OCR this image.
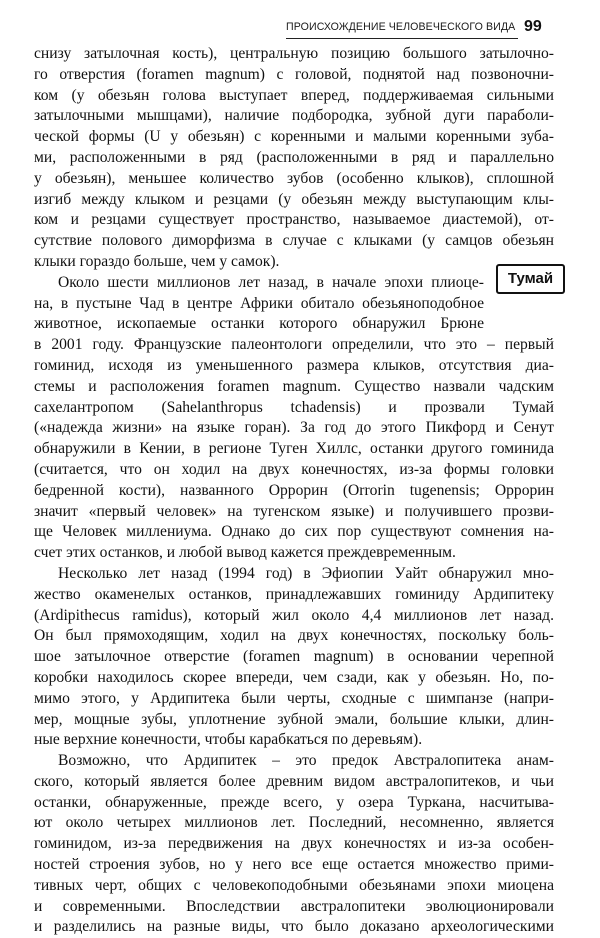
ПРОИСХОЖДЕНИЕ ЧЕЛОВЕЧЕСКОГО ВИДА 99
Тумай
снизу затылочная кость), центральную позицию большого затылочно-
го отверстия (foramen magnum) с головой, поднятой над позвоночни-
ком (у обезьян голова выступает вперед, поддерживаемая сильными
затылочными мышцами), наличие подбородка, зубной дуги параболи-
ческой формы (U у обезьян) с коренными и малыми коренными зуба-
ми, расположенными в ряд (расположенными в ряд и параллельно
у обезьян), меньшее количество зубов (особенно клыков), сплошной
изгиб между клыком и резцами (у обезьян между выступающим клы-
ком и резцами существует пространство, называемое диастемой), от-
сутствие полового диморфизма в случае с клыками (у самцов обезьян
клыки гораздо больше, чем у самок).
Около шести миллионов лет назад, в начале эпохи плиоце-
на, в пустыне Чад в центре Африки обитало обезьяноподобное
животное, ископаемые останки которого обнаружил Брюне
в 2001 году. Французские палеонтологи определили, что это – первый
гоминид, исходя из уменьшенного размера клыков, отсутствия диа-
стемы и расположения foramen magnum. Существо назвали чадским
сахелантропом (Sahelanthropus tchadensis) и прозвали Тумай
(«надежда жизни» на языке горан). За год до этого Пикфорд и Сенут
обнаружили в Кении, в регионе Туген Хиллс, останки другого гоминида
(считается, что он ходил на двух конечностях, из-за формы головки
бедренной кости), названного Оррорин (Orrorin tugenensis; Оррорин
значит «первый человек» на тугенском языке) и получившего прозви-
ще Человек миллениума. Однако до сих пор существуют сомнения на-
счет этих останков, и любой вывод кажется преждевременным.
Несколько лет назад (1994 год) в Эфиопии Уайт обнаружил мно-
жество окаменелых останков, принадлежавших гоминиду Ардипитеку
(Ardipithecus ramidus), который жил около 4,4 миллионов лет назад.
Он был прямоходящим, ходил на двух конечностях, поскольку боль-
шое затылочное отверстие (foramen magnum) в основании черепной
коробки находилось скорее впереди, чем сзади, как у обезьян. Но, по-
мимо этого, у Ардипитека были черты, сходные с шимпанзе (напри-
мер, мощные зубы, уплотнение зубной эмали, большие клыки, длин-
ные верхние конечности, чтобы карабкаться по деревьям).
Возможно, что Ардипитек – это предок Австралопитека анам-
ского, который является более древним видом австралопитеков, и чьи
останки, обнаруженные, прежде всего, у озера Туркана, насчитыва-
ют около четырех миллионов лет. Последний, несомненно, является
гоминидом, из-за передвижения на двух конечностях и из-за особен-
ностей строения зубов, но у него все еще остается множество прими-
тивных черт, общих с человекоподобными обезьянами эпохи миоцена
и современными. Впоследствии австралопитеки эволюционировали
и разделились на разные виды, что было доказано археологическими
